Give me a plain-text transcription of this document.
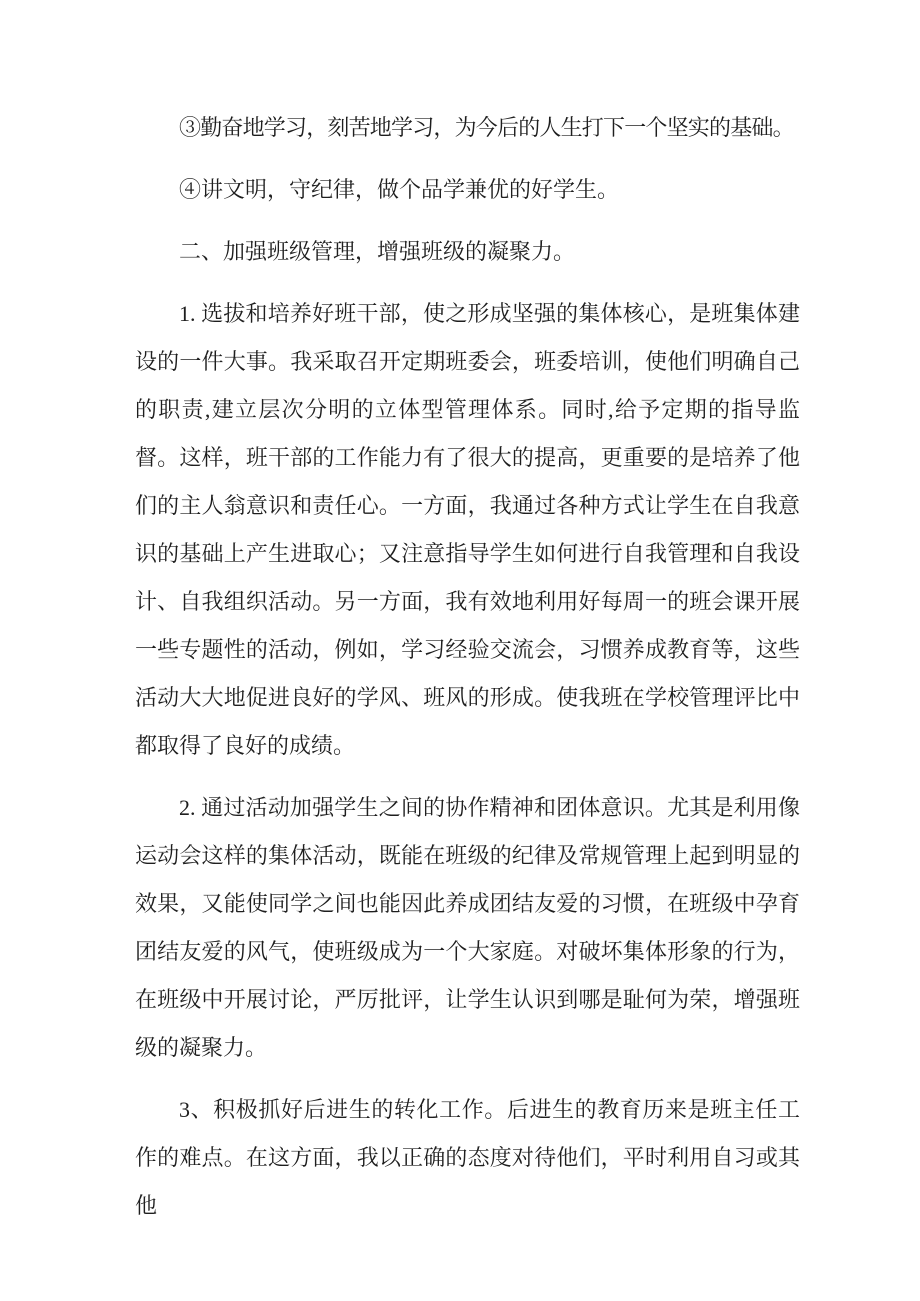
③勤奋地学习，刻苦地学习，为今后的人生打下一个坚实的基础。

④讲文明，守纪律，做个品学兼优的好学生。

二、加强班级管理，增强班级的凝聚力。

1. 选拔和培养好班干部，使之形成坚强的集体核心，是班集体建设的一件大事。我采取召开定期班委会，班委培训，使他们明确自己的职责,建立层次分明的立体型管理体系。同时,给予定期的指导监督。这样，班干部的工作能力有了很大的提高，更重要的是培养了他们的主人翁意识和责任心。一方面，我通过各种方式让学生在自我意识的基础上产生进取心；又注意指导学生如何进行自我管理和自我设计、自我组织活动。另一方面，我有效地利用好每周一的班会课开展一些专题性的活动，例如，学习经验交流会，习惯养成教育等，这些活动大大地促进良好的学风、班风的形成。使我班在学校管理评比中都取得了良好的成绩。

2. 通过活动加强学生之间的协作精神和团体意识。尤其是利用像运动会这样的集体活动，既能在班级的纪律及常规管理上起到明显的效果，又能使同学之间也能因此养成团结友爱的习惯，在班级中孕育团结友爱的风气，使班级成为一个大家庭。对破坏集体形象的行为，在班级中开展讨论，严厉批评，让学生认识到哪是耻何为荣，增强班级的凝聚力。

3、积极抓好后进生的转化工作。后进生的教育历来是班主任工作的难点。在这方面，我以正确的态度对待他们，平时利用自习或其他
